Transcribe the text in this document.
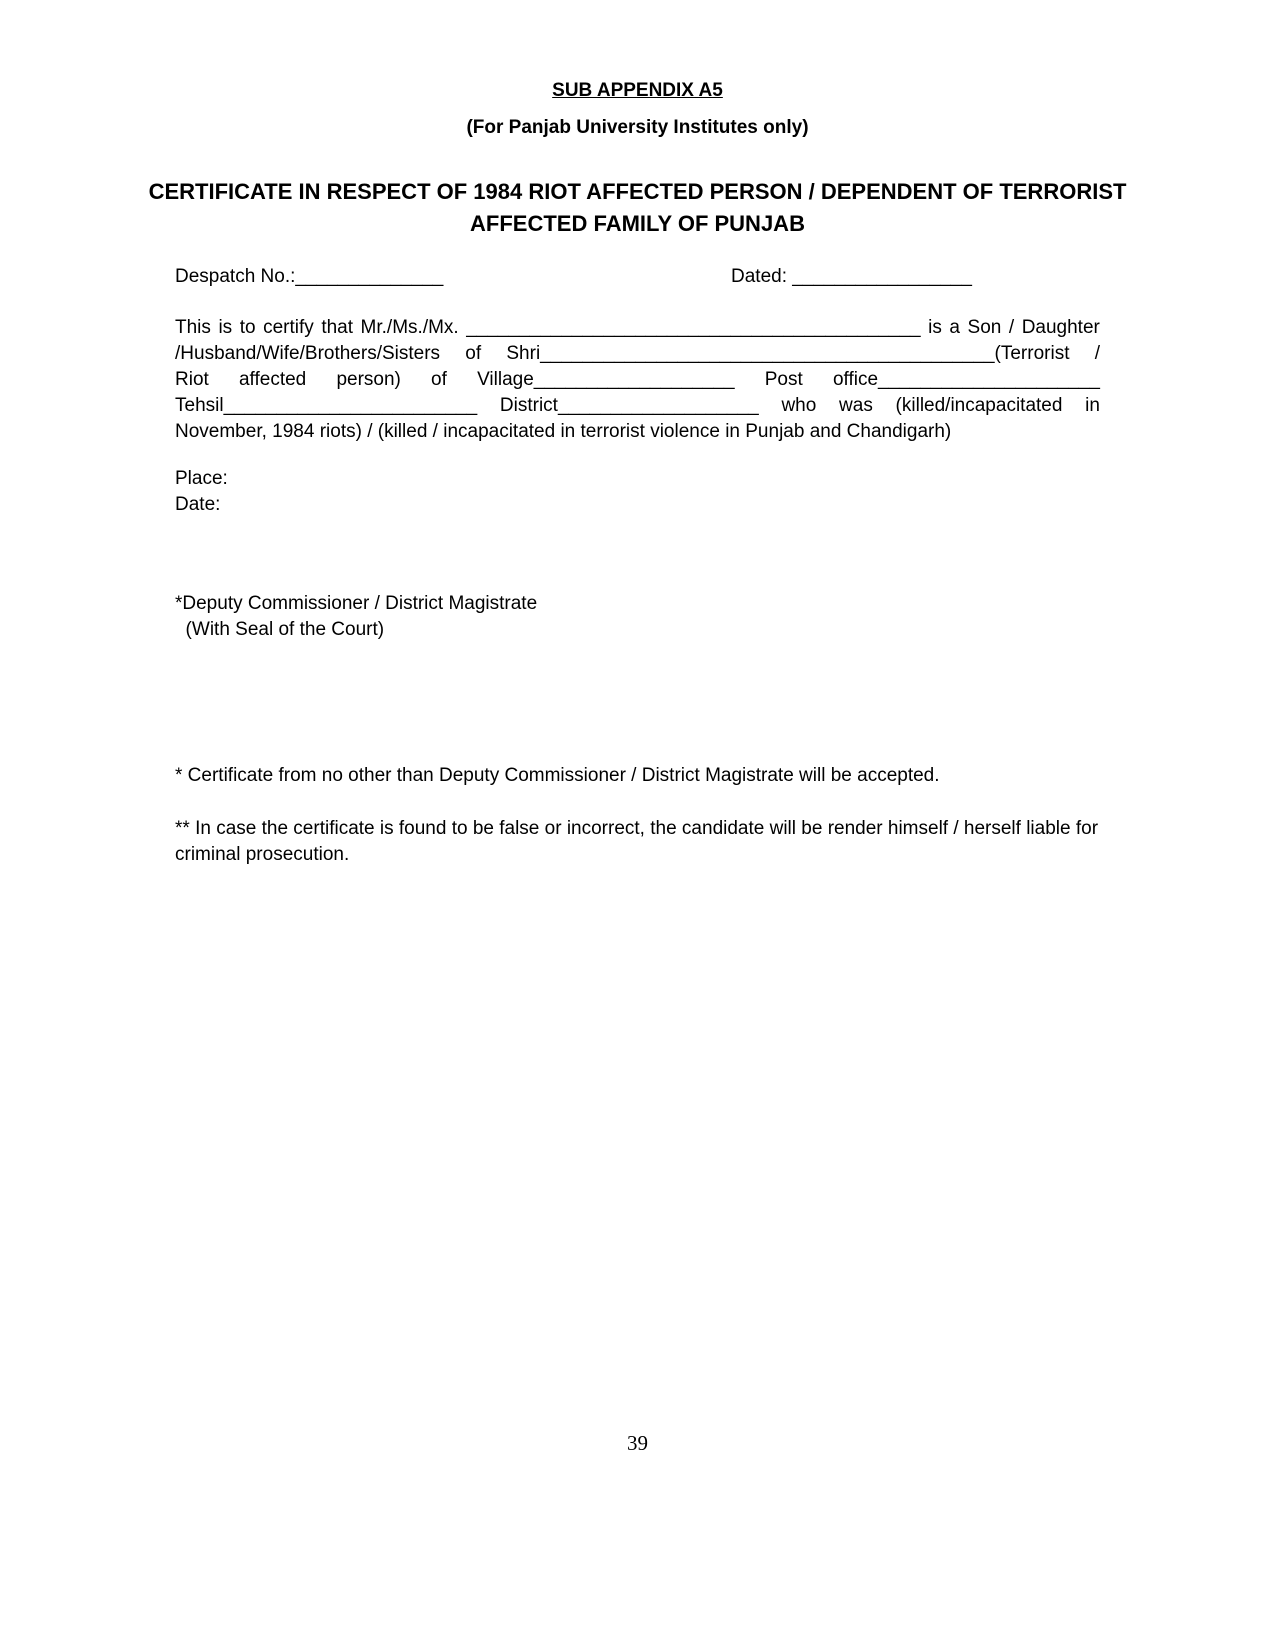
SUB APPENDIX A5
(For Panjab University Institutes only)
CERTIFICATE IN RESPECT OF 1984 RIOT AFFECTED PERSON / DEPENDENT OF TERRORIST
AFFECTED FAMILY OF PUNJAB
Despatch No.:______________	Dated: _________________
This is to certify that Mr./Ms./Mx. ___________________________________________ is a Son / Daughter
/Husband/Wife/Brothers/Sisters of Shri___________________________________________(Terrorist /
Riot affected person) of Village___________________ Post office_____________________
Tehsil________________________ District___________________ who was (killed/incapacitated in
November, 1984 riots) / (killed / incapacitated in terrorist violence in Punjab and Chandigarh)
Place:
Date:
*Deputy Commissioner / District Magistrate
(With Seal of the Court)
* Certificate from no other than Deputy Commissioner / District Magistrate will be accepted.
** In case the certificate is found to be false or incorrect, the candidate will be render himself / herself liable for criminal prosecution.
39
